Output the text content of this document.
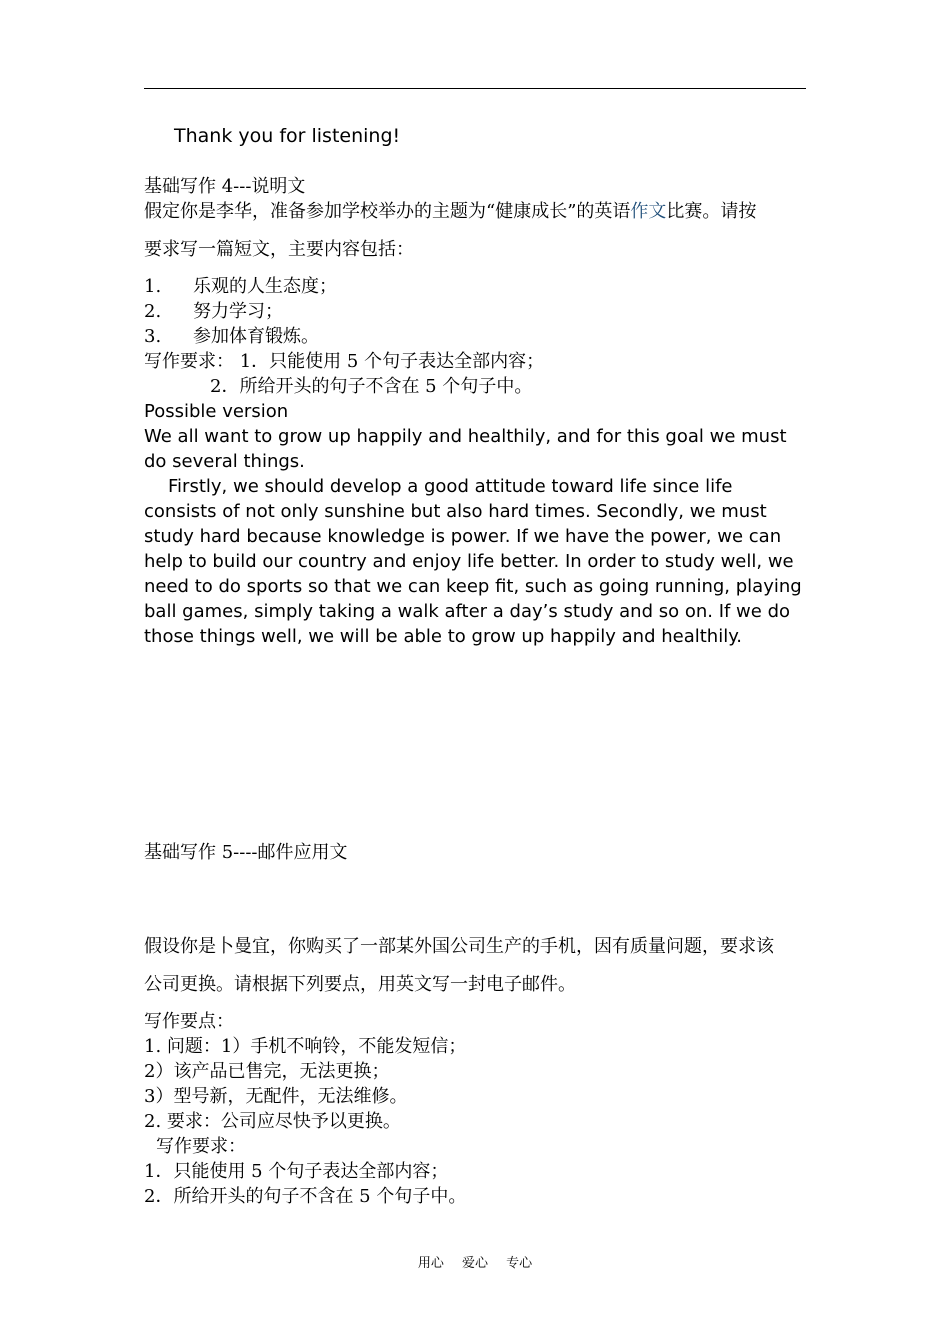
Thank you for listening!
基础写作 4---说明文
假定你是李华，准备参加学校举办的主题为“健康成长”的英语作文比赛。请按
要求写一篇短文，主要内容包括：
1. 乐观的人生态度；
2. 努力学习；
3. 参加体育锻炼。
写作要求： 1．只能使用 5 个句子表达全部内容；
2．所给开头的句子不含在 5 个句子中。
Possible version
We all want to grow up happily and healthily, and for this goal we must do several things.
Firstly, we should develop a good attitude toward life since life consists of not only sunshine but also hard times. Secondly, we must study hard because knowledge is power. If we have the power, we can help to build our country and enjoy life better. In order to study well, we need to do sports so that we can keep fit, such as going running, playing ball games, simply taking a walk after a day’s study and so on. If we do those things well, we will be able to grow up happily and healthily.
基础写作 5----邮件应用文
假设你是卜曼宜，你购买了一部某外国公司生产的手机，因有质量问题，要求该
公司更换。请根据下列要点，用英文写一封电子邮件。
写作要点：
1. 问题：1）手机不响铃，不能发短信；
2）该产品已售完，无法更换；
3）型号新，无配件，无法维修。
2. 要求：公司应尽快予以更换。
写作要求：
1．只能使用 5 个句子表达全部内容；
2．所给开头的句子不含在 5 个句子中。
用心 爱心 专心
